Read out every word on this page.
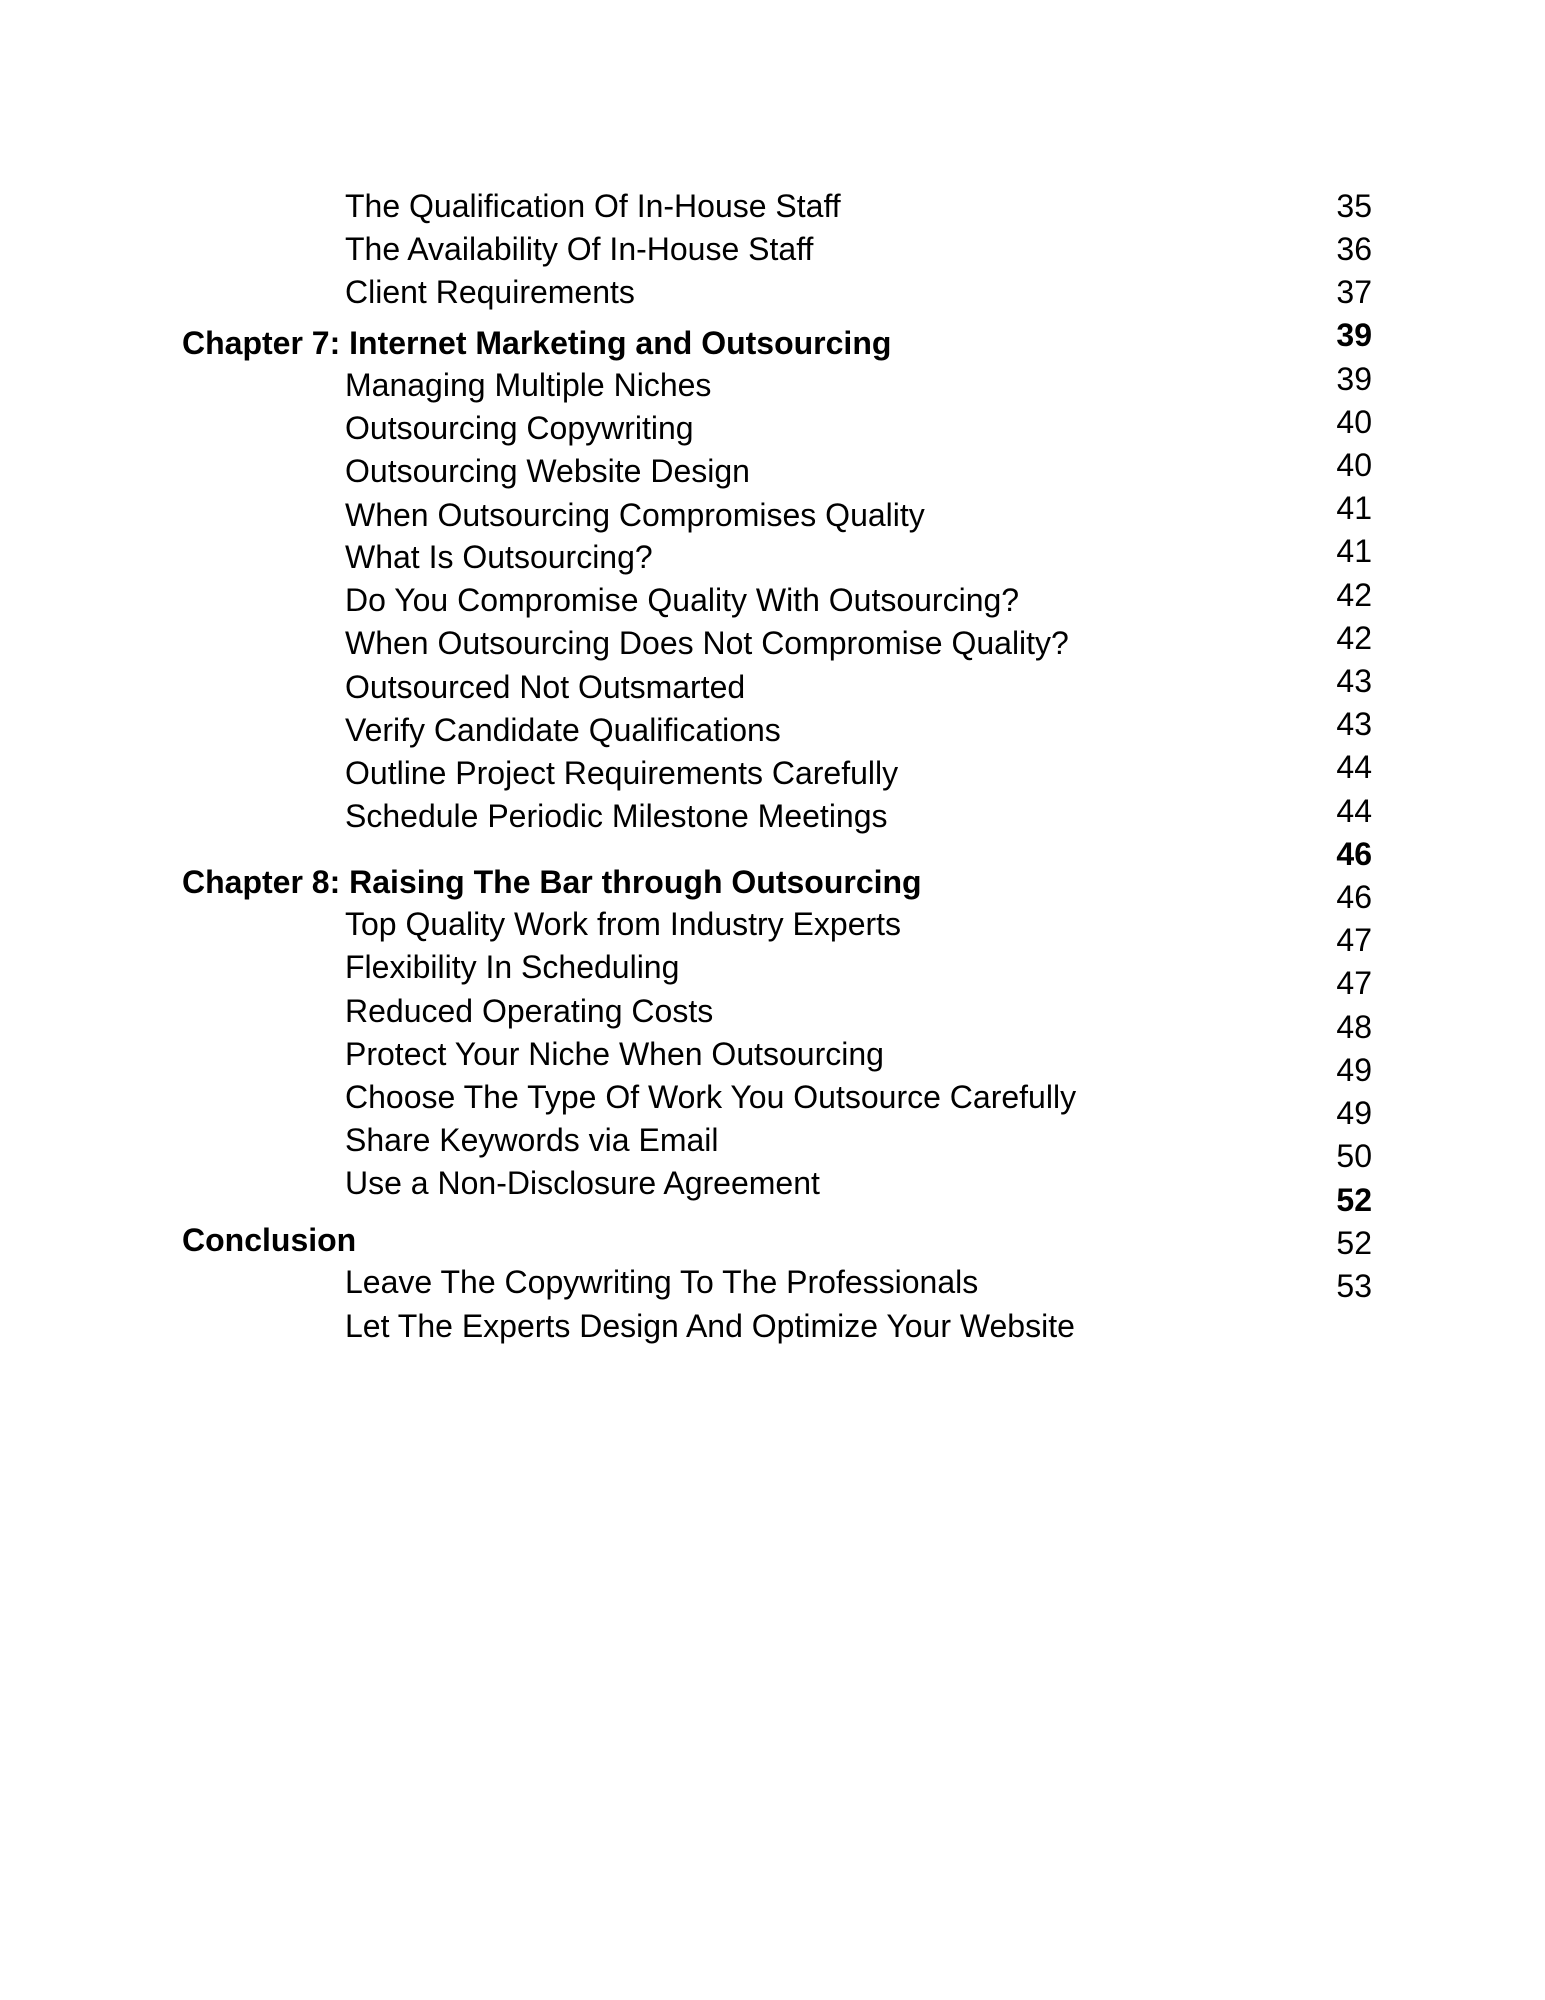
The Qualification Of In-House Staff
The Availability Of In-House Staff
Client Requirements
Chapter 7: Internet Marketing and Outsourcing
Managing Multiple Niches
Outsourcing Copywriting
Outsourcing Website Design
When Outsourcing Compromises Quality
What Is Outsourcing?
Do You Compromise Quality With Outsourcing?
When Outsourcing Does Not Compromise Quality?
Outsourced Not Outsmarted
Verify Candidate Qualifications
Outline Project Requirements Carefully
Schedule Periodic Milestone Meetings
Chapter 8: Raising The Bar through Outsourcing
Top Quality Work from Industry Experts
Flexibility In Scheduling
Reduced Operating Costs
Protect Your Niche When Outsourcing
Choose The Type Of Work You Outsource Carefully
Share Keywords via Email
Use a Non-Disclosure Agreement
Conclusion
Leave The Copywriting To The Professionals
Let The Experts Design And Optimize Your Website
35
36
37
39
39
40
40
41
41
42
42
43
43
44
44
46
46
47
47
48
49
49
50
52
52
53
